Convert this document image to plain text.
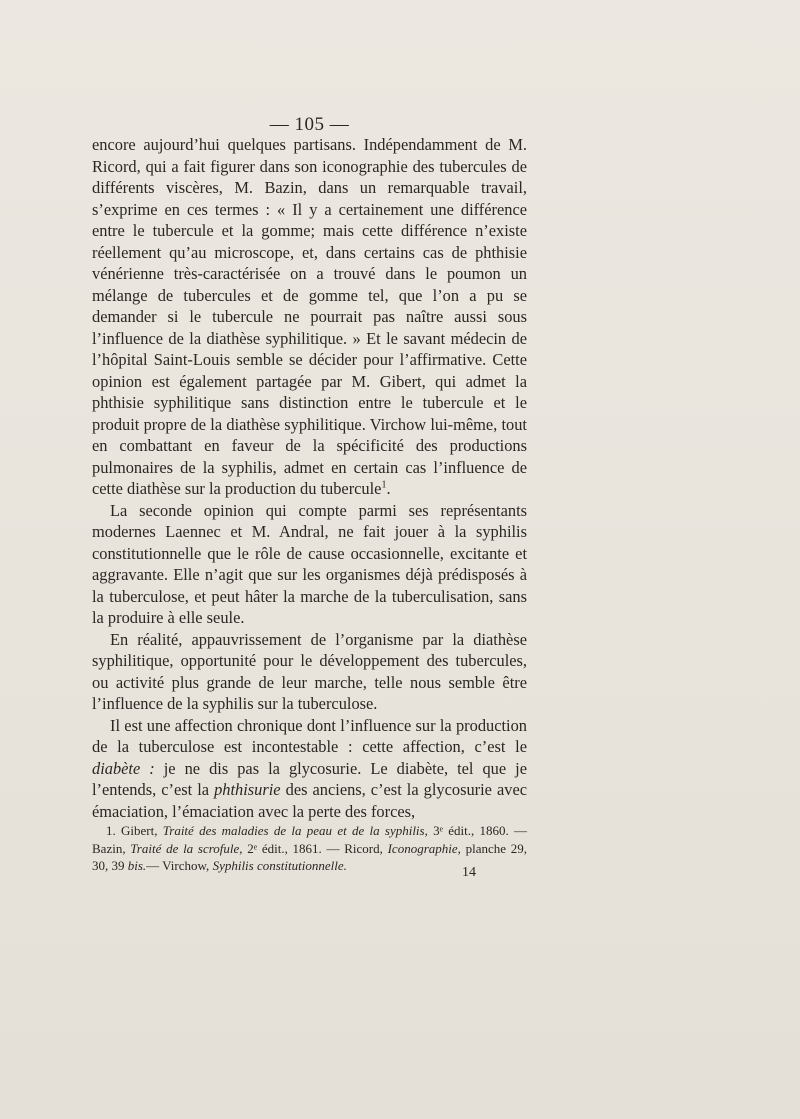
— 105 —

encore aujourd’hui quelques partisans. Indépendamment de M. Ricord, qui a fait figurer dans son iconographie des tubercules de différents viscères, M. Bazin, dans un remarquable travail, s’exprime en ces termes : « Il y a certainement une différence entre le tubercule et la gomme; mais cette différence n’existe réellement qu’au microscope, et, dans certains cas de phthisie vénérienne très-caractérisée on a trouvé dans le poumon un mélange de tubercules et de gomme tel, que l’on a pu se demander si le tubercule ne pourrait pas naître aussi sous l’influence de la diathèse syphilitique. » Et le savant médecin de l’hôpital Saint-Louis semble se décider pour l’affirmative. Cette opinion est également partagée par M. Gibert, qui admet la phthisie syphilitique sans distinction entre le tubercule et le produit propre de la diathèse syphilitique. Virchow lui-même, tout en combattant en faveur de la spécificité des productions pulmonaires de la syphilis, admet en certain cas l’influence de cette diathèse sur la production du tubercule$^1$.

La seconde opinion qui compte parmi ses représentants modernes Laennec et M. Andral, ne fait jouer à la syphilis constitutionnelle que le rôle de cause occasionnelle, excitante et aggravante. Elle n’agit que sur les organismes déjà prédisposés à la tuberculose, et peut hâter la marche de la tuberculisation, sans la produire à elle seule.

En réalité, appauvrissement de l’organisme par la diathèse syphilitique, opportunité pour le développement des tubercules, ou activité plus grande de leur marche, telle nous semble être l’influence de la syphilis sur la tuberculose.

Il est une affection chronique dont l’influence sur la production de la tuberculose est incontestable : cette affection, c’est le diabète : je ne dis pas la glycosurie. Le diabète, tel que je l’entends, c’est la phthisurie des anciens, c’est la glycosurie avec émaciation, l’émaciation avec la perte des forces,

1. Gibert, Traité des maladies de la peau et de la syphilis, 3ᵉ édit., 1860. — Bazin, Traité de la scrofule, 2ᵉ édit., 1861. — Ricord, Iconographie, planche 29, 30, 39 bis.— Virchow, Syphilis constitutionnelle.	14
